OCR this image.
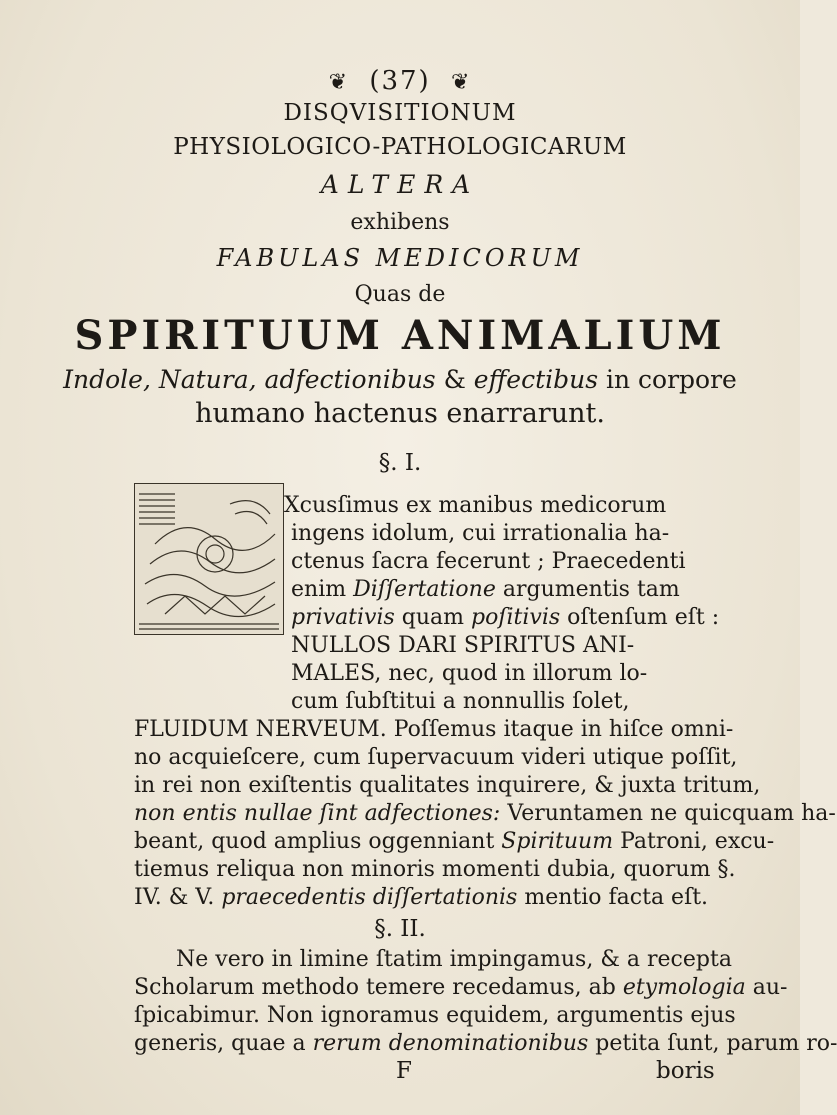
❦ (37) ❦
DISQVISITIONUM
PHYSIOLOGICO-PATHOLOGICARUM
ALTERA
exhibens
FABULAS MEDICORUM
Quas de
SPIRITUUM ANIMALIUM
Indole, Natura, adfectionibus & effectibus in corpore
humano hactenus enarrarunt.
§. I.
Xcusſimus ex manibus medicorum
ingens idolum, cui irrationalia ha-
ctenus ſacra fecerunt ; Praecedenti
enim Diſſertatione argumentis tam
privativis quam poſitivis oſtenſum eſt :
NULLOS DARI SPIRITUS ANI-
MALES, nec, quod in illorum lo-
cum ſubſtitui a nonnullis ſolet,
FLUIDUM NERVEUM. Poſſemus itaque in hiſce omni-
no acquieſcere, cum ſupervacuum videri utique poſſit,
in rei non exiſtentis qualitates inquirere, & juxta tritum,
non entis nullae ſint adfectiones: Veruntamen ne quicquam ha-
beant, quod amplius oggenniant Spirituum Patroni, excu-
tiemus reliqua non minoris momenti dubia, quorum §.
IV. & V. praecedentis diſſertationis mentio facta eſt.
§. II.
Ne vero in limine ſtatim impingamus, & a recepta
Scholarum methodo temere recedamus, ab etymologia au-
ſpicabimur. Non ignoramus equidem, argumentis ejus
generis, quae a rerum denominationibus petita ſunt, parum ro-
F	boris
